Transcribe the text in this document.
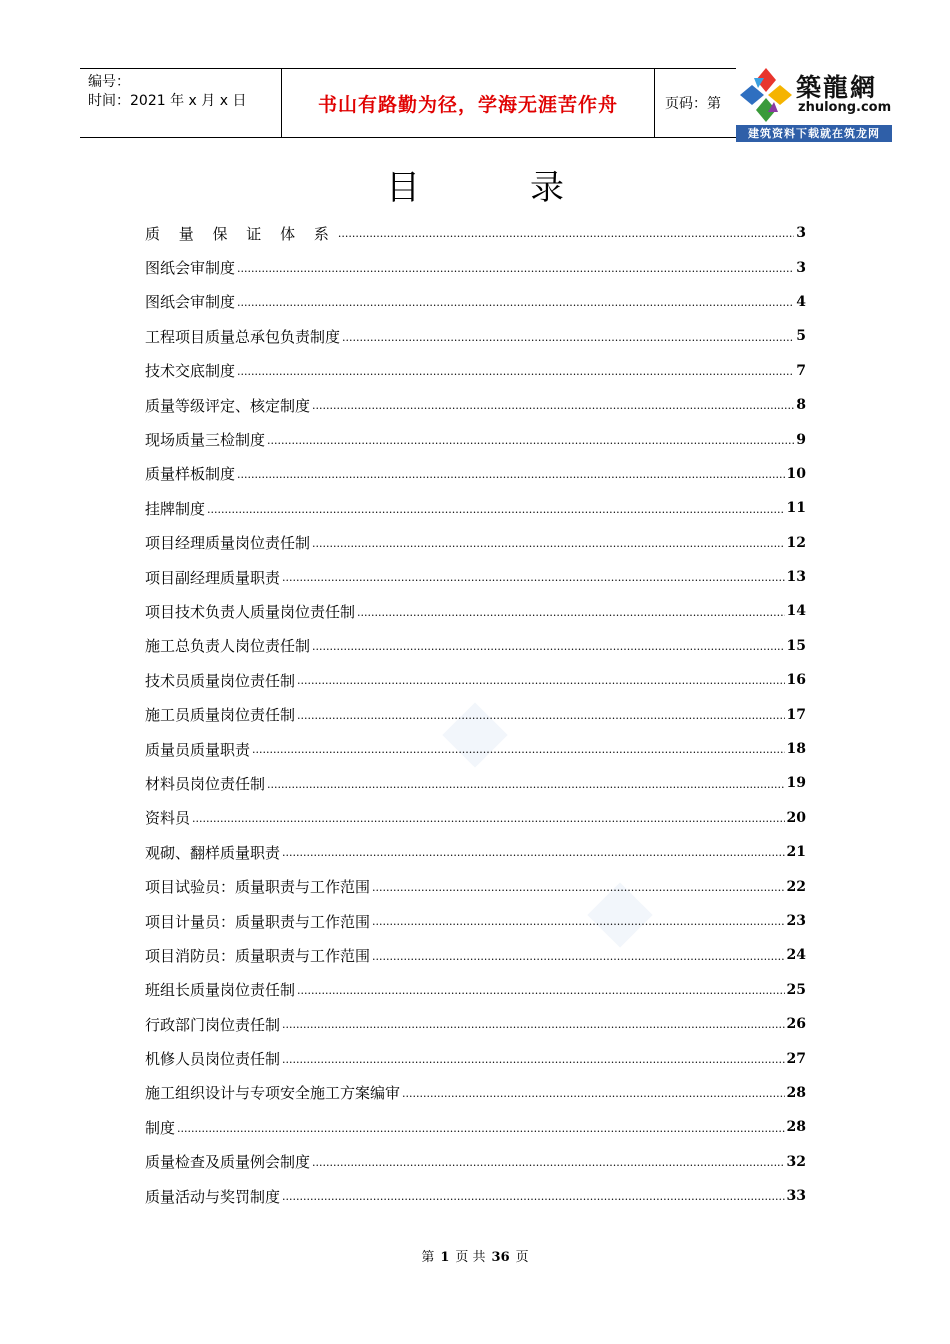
编号：
时间：2021 年 x 月 x 日	书山有路勤为径，学海无涯苦作舟	页码：第
築龍網
zhulong.com
建筑资料下载就在筑龙网
目	录
质 量 保 证 体 系 .....	3
图纸会审制度 .....	3
图纸会审制度 .....	4
工程项目质量总承包负责制度 .....	5
技术交底制度 .....	7
质量等级评定、核定制度 .....	8
现场质量三检制度 .....	9
质量样板制度 .....	10
挂牌制度 .....	11
项目经理质量岗位责任制 .....	12
项目副经理质量职责 .....	13
项目技术负责人质量岗位责任制 .....	14
施工总负责人岗位责任制 .....	15
技术员质量岗位责任制 .....	16
施工员质量岗位责任制 .....	17
质量员质量职责 .....	18
材料员岗位责任制 .....	19
资料员 .....	20
观砌、翻样质量职责 .....	21
项目试验员：质量职责与工作范围 .....	22
项目计量员：质量职责与工作范围 .....	23
项目消防员：质量职责与工作范围 .....	24
班组长质量岗位责任制 .....	25
行政部门岗位责任制 .....	26
机修人员岗位责任制 .....	27
施工组织设计与专项安全施工方案编审 .....	28
制度 .....	28
质量检查及质量例会制度 .....	32
质量活动与奖罚制度 .....	33
第 1 页 共 36 页
